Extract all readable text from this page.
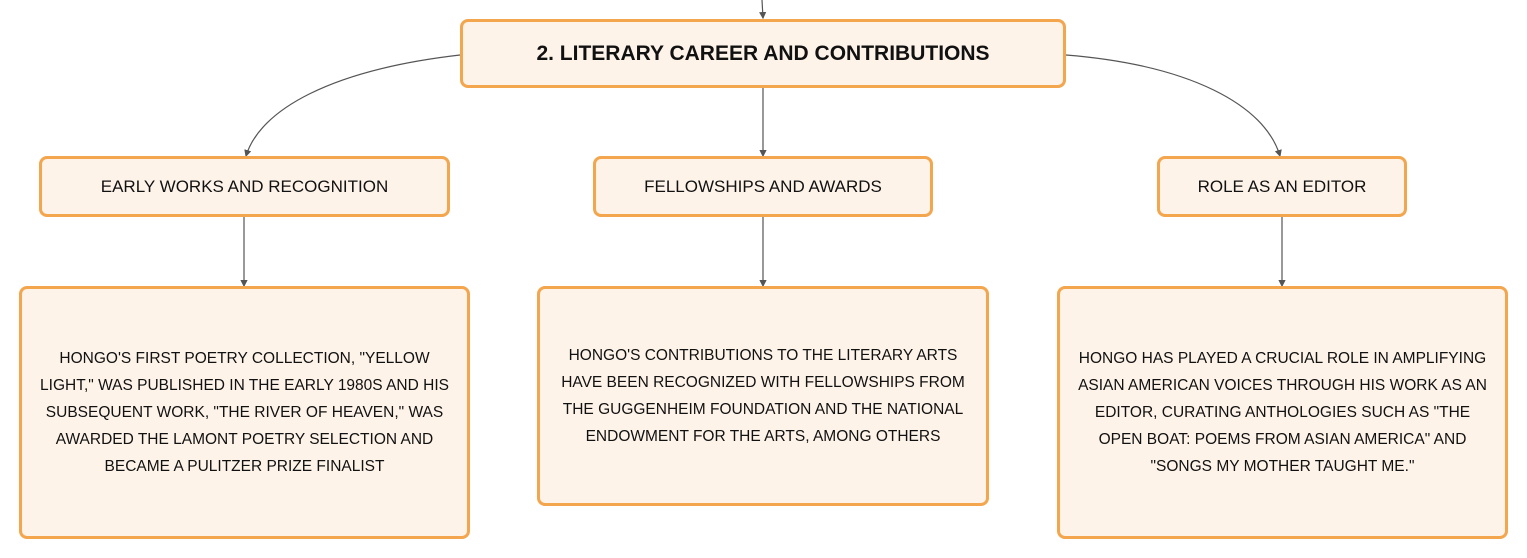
2. LITERARY CAREER AND CONTRIBUTIONS
EARLY WORKS AND RECOGNITION	FELLOWSHIPS AND AWARDS	ROLE AS AN EDITOR
HONGO'S FIRST POETRY COLLECTION, "YELLOW LIGHT," WAS PUBLISHED IN THE EARLY 1980S AND HIS SUBSEQUENT WORK, "THE RIVER OF HEAVEN," WAS AWARDED THE LAMONT POETRY SELECTION AND BECAME A PULITZER PRIZE FINALIST
HONGO'S CONTRIBUTIONS TO THE LITERARY ARTS HAVE BEEN RECOGNIZED WITH FELLOWSHIPS FROM THE GUGGENHEIM FOUNDATION AND THE NATIONAL ENDOWMENT FOR THE ARTS, AMONG OTHERS
HONGO HAS PLAYED A CRUCIAL ROLE IN AMPLIFYING ASIAN AMERICAN VOICES THROUGH HIS WORK AS AN EDITOR, CURATING ANTHOLOGIES SUCH AS "THE OPEN BOAT: POEMS FROM ASIAN AMERICA" AND "SONGS MY MOTHER TAUGHT ME."
